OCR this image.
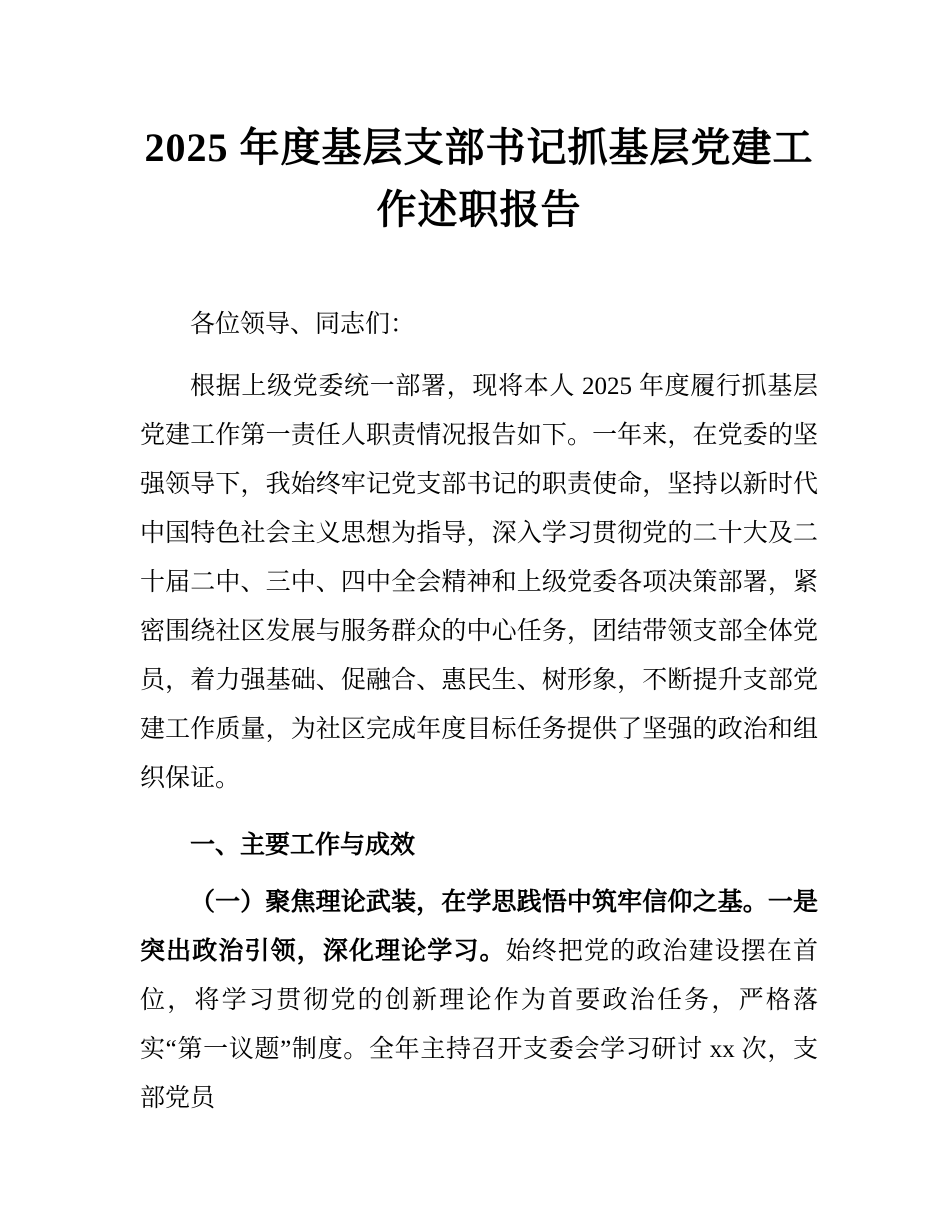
2025 年度基层支部书记抓基层党建工作述职报告

各位领导、同志们：

根据上级党委统一部署，现将本人 2025 年度履行抓基层党建工作第一责任人职责情况报告如下。一年来，在党委的坚强领导下，我始终牢记党支部书记的职责使命，坚持以新时代中国特色社会主义思想为指导，深入学习贯彻党的二十大及二十届二中、三中、四中全会精神和上级党委各项决策部署，紧密围绕社区发展与服务群众的中心任务，团结带领支部全体党员，着力强基础、促融合、惠民生、树形象，不断提升支部党建工作质量，为社区完成年度目标任务提供了坚强的政治和组织保证。

一、主要工作与成效

（一）聚焦理论武装，在学思践悟中筑牢信仰之基。一是突出政治引领，深化理论学习。始终把党的政治建设摆在首位，将学习贯彻党的创新理论作为首要政治任务，严格落实“第一议题”制度。全年主持召开支委会学习研讨 xx 次，支部党员
